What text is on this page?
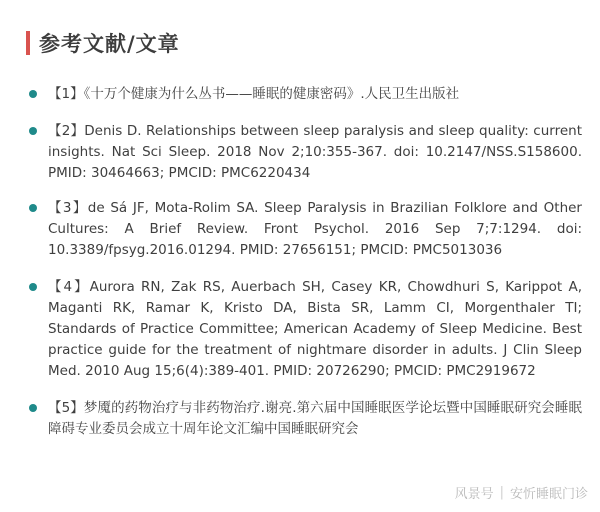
参考文献/文章
【1】《十万个健康为什么丛书——睡眠的健康密码》.人民卫生出版社
【2】Denis D. Relationships between sleep paralysis and sleep quality: current insights. Nat Sci Sleep. 2018 Nov 2;10:355-367. doi: 10.2147/NSS.S158600. PMID: 30464663; PMCID: PMC6220434
【3】de Sá JF, Mota-Rolim SA. Sleep Paralysis in Brazilian Folklore and Other Cultures: A Brief Review. Front Psychol. 2016 Sep 7;7:1294. doi: 10.3389/fpsyg.2016.01294. PMID: 27656151; PMCID: PMC5013036
【4】Aurora RN, Zak RS, Auerbach SH, Casey KR, Chowdhuri S, Karippot A, Maganti RK, Ramar K, Kristo DA, Bista SR, Lamm CI, Morgenthaler TI; Standards of Practice Committee; American Academy of Sleep Medicine. Best practice guide for the treatment of nightmare disorder in adults. J Clin Sleep Med. 2010 Aug 15;6(4):389-401. PMID: 20726290; PMCID: PMC2919672
【5】梦魇的药物治疗与非药物治疗.谢亮.第六届中国睡眠医学论坛暨中国睡眠研究会睡眠障碍专业委员会成立十周年论文汇编中国睡眠研究会
风景号 | 安忻睡眠门诊
